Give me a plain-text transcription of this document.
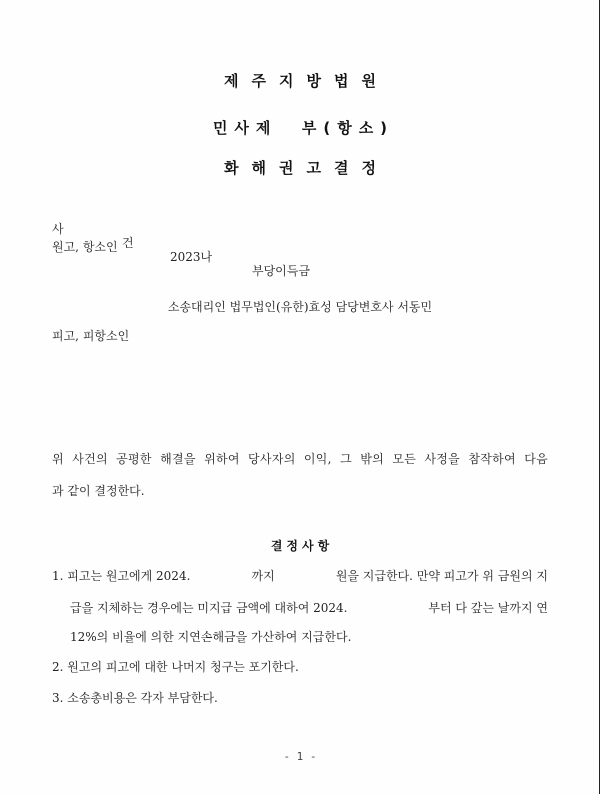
제주지방법원
민사제  부(항소)
화해권고결정

사

건

2023나

부당이득금

원고, 항소인
소송대리인 법무법인(유한)효성 담당변호사 서동민
피고, 피항소인
위 사건의 공평한 해결을 위하여 당사자의 이익, 그 밖의 모든 사정을 참작하여 다음
과 같이 결정한다.
결정사항
1. 피고는 원고에게 2024.	까지	원을 지급한다. 만약 피고가 위 금원의 지
급을 지체하는 경우에는 미지급 금액에 대하여 2024.	부터 다 갚는 날까지 연
12%의 비율에 의한 지연손해금을 가산하여 지급한다.
2. 원고의 피고에 대한 나머지 청구는 포기한다.
3. 소송총비용은 각자 부담한다.
- 1 -
